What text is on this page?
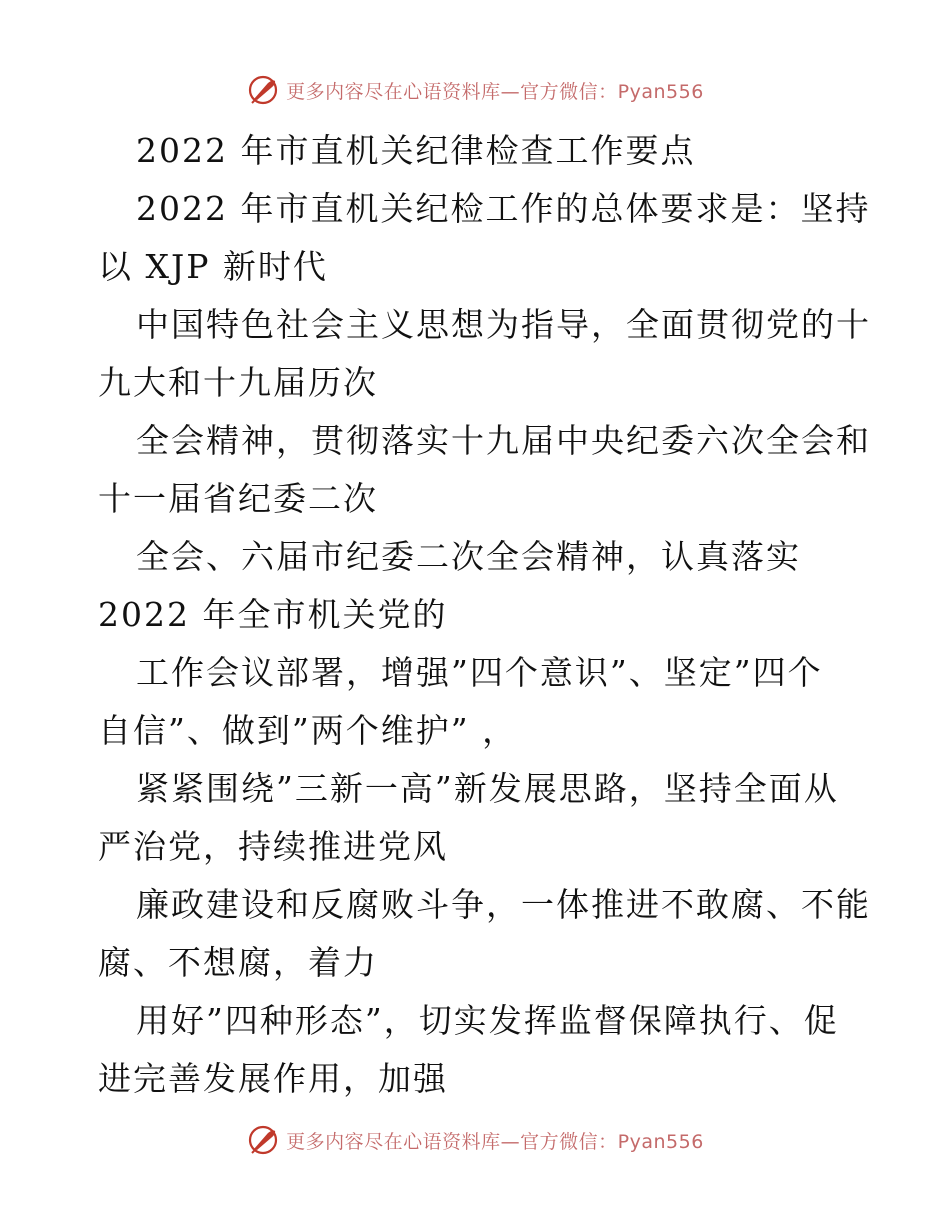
更多内容尽在心语资料库—官方微信：Pyan556
2022 年市直机关纪律检查工作要点
2022 年市直机关纪检工作的总体要求是：坚持
以 XJP 新时代
中国特色社会主义思想为指导，全面贯彻党的十
九大和十九届历次
全会精神，贯彻落实十九届中央纪委六次全会和
十一届省纪委二次
全会、六届市纪委二次全会精神，认真落实
2022 年全市机关党的
工作会议部署，增强”四个意识”、坚定”四个
自信”、做到”两个维护” ，
紧紧围绕”三新一高”新发展思路，坚持全面从
严治党，持续推进党风
廉政建设和反腐败斗争，一体推进不敢腐、不能
腐、不想腐，着力
用好”四种形态”，切实发挥监督保障执行、促
进完善发展作用，加强
更多内容尽在心语资料库—官方微信：Pyan556
